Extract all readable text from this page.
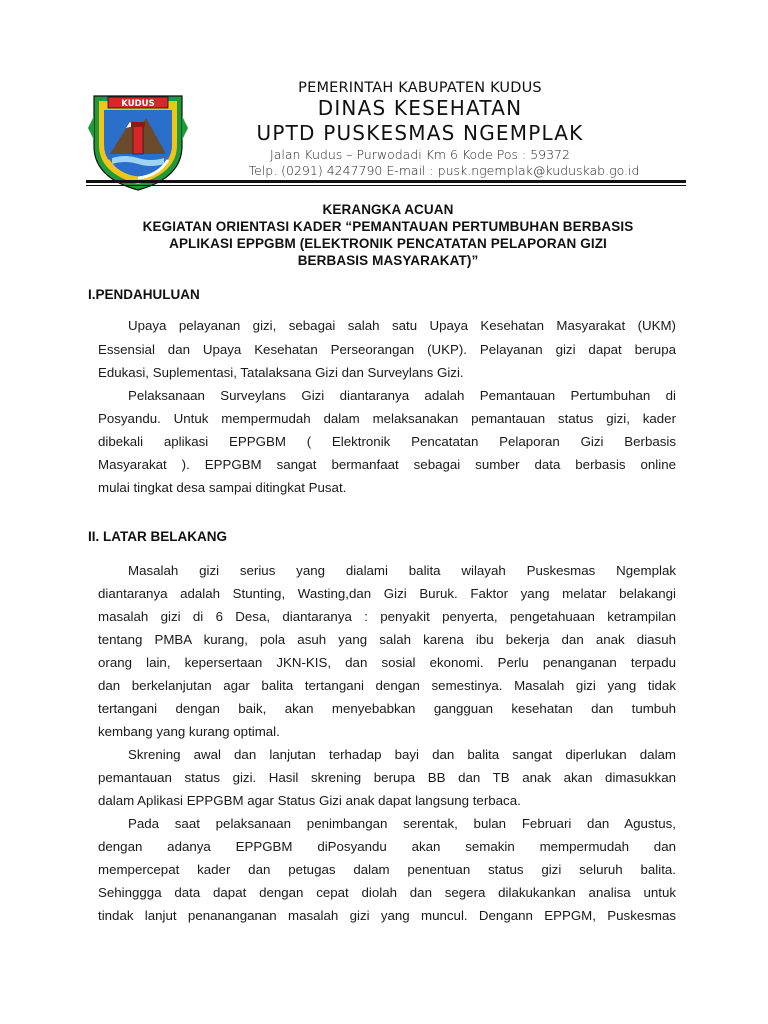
KUDUS
PEMERINTAH KABUPATEN KUDUS
DINAS KESEHATAN
UPTD PUSKESMAS NGEMPLAK
Jalan Kudus – Purwodadi Km 6 Kode Pos : 59372
Telp. (0291) 4247790 E-mail : pusk.ngemplak@kuduskab.go.id
KERANGKA ACUAN
KEGIATAN ORIENTASI KADER “PEMANTAUAN PERTUMBUHAN BERBASIS
APLIKASI EPPGBM (ELEKTRONIK PENCATATAN PELAPORAN GIZI
BERBASIS MASYARAKAT)”
I.PENDAHULUAN
Upaya pelayanan gizi, sebagai salah satu Upaya Kesehatan Masyarakat (UKM)
Essensial dan Upaya Kesehatan Perseorangan (UKP). Pelayanan gizi dapat berupa
Edukasi, Suplementasi, Tatalaksana Gizi dan Surveylans Gizi.
Pelaksanaan Surveylans Gizi diantaranya adalah Pemantauan Pertumbuhan di
Posyandu. Untuk mempermudah dalam melaksanakan pemantauan status gizi, kader
dibekali aplikasi EPPGBM ( Elektronik Pencatatan Pelaporan Gizi Berbasis
Masyarakat ). EPPGBM sangat bermanfaat sebagai sumber data berbasis online
mulai tingkat desa sampai ditingkat Pusat.
II. LATAR BELAKANG
Masalah gizi serius yang dialami balita wilayah Puskesmas Ngemplak
diantaranya adalah Stunting, Wasting,dan Gizi Buruk. Faktor yang melatar belakangi
masalah gizi di 6 Desa, diantaranya : penyakit penyerta, pengetahuaan ketrampilan
tentang PMBA kurang, pola asuh yang salah karena ibu bekerja dan anak diasuh
orang lain, kepersertaan JKN-KIS, dan sosial ekonomi. Perlu penanganan terpadu
dan berkelanjutan agar balita tertangani dengan semestinya. Masalah gizi yang tidak
tertangani dengan baik, akan menyebabkan gangguan kesehatan dan tumbuh
kembang yang kurang optimal.
Skrening awal dan lanjutan terhadap bayi dan balita sangat diperlukan dalam
pemantauan status gizi. Hasil skrening berupa BB dan TB anak akan dimasukkan
dalam Aplikasi EPPGBM agar Status Gizi anak dapat langsung terbaca.
Pada saat pelaksanaan penimbangan serentak, bulan Februari dan Agustus,
dengan adanya EPPGBM diPosyandu akan semakin mempermudah dan
mempercepat kader dan petugas dalam penentuan status gizi seluruh balita.
Sehinggga data dapat dengan cepat diolah dan segera dilakukankan analisa untuk
tindak lanjut penananganan masalah gizi yang muncul. Dengann EPPGM, Puskesmas
